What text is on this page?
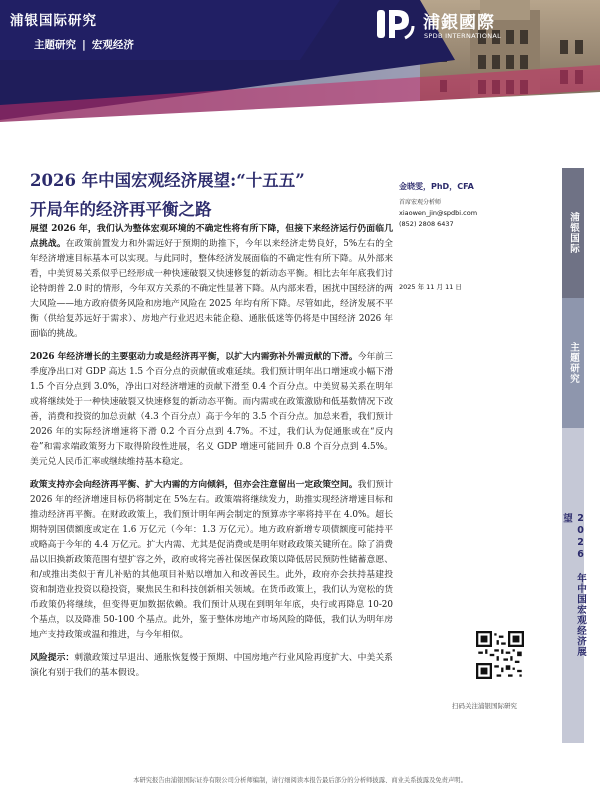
浦银国际研究
主题研究 | 宏观经济
浦銀國際
SPDB INTERNATIONAL
2026 年中国宏观经济展望:“十五五”
开局年的经济再平衡之路
金晓雯，PhD，CFA
首席宏观分析师
xiaowen_jin@spdbi.com
(852) 2808 6437
2025 年 11 月 11 日

展望 2026 年，我们认为整体宏观环境的不确定性将有所下降，但接下来经济运行仍面临几点挑战。在政策前置发力和外需远好于预期的助推下，今年以来经济走势良好，5%左右的全年经济增速目标基本可以实现。与此同时，整体经济发展面临的不确定性有所下降。从外部来看，中美贸易关系似乎已经形成一种快速破裂又快速修复的新动态平衡。相比去年年底我们讨论特朗普 2.0 时的情形，今年双方关系的不确定性显著下降。从内部来看，困扰中国经济的两大风险——地方政府债务风险和房地产风险在 2025 年均有所下降。尽管如此，经济发展不平衡（供给复苏远好于需求）、房地产行业迟迟未能企稳、通胀低迷等仍将是中国经济 2026 年面临的挑战。

2026 年经济增长的主要驱动力或是经济再平衡，以扩大内需弥补外需贡献的下滑。今年前三季度净出口对 GDP 高达 1.5 个百分点的贡献值或难延续。我们预计明年出口增速或小幅下滑 1.5 个百分点到 3.0%，净出口对经济增速的贡献下滑至 0.4 个百分点。中美贸易关系在明年或将继续处于一种快速破裂又快速修复的新动态平衡。而内需或在政策激励和低基数情况下改善，消费和投资的加总贡献（4.3 个百分点）高于今年的 3.5 个百分点。加总来看，我们预计 2026 年的实际经济增速将下滑 0.2 个百分点到 4.7%。不过，我们认为促通胀或在“反内卷”和需求端政策努力下取得阶段性进展，名义 GDP 增速可能回升 0.8 个百分点到 4.5%。美元兑人民币汇率或继续维持基本稳定。

政策支持亦会向经济再平衡、扩大内需的方向倾斜，但亦会注意留出一定政策空间。我们预计 2026 年的经济增速目标仍将制定在 5%左右。政策端将继续发力，助推实现经济增速目标和推动经济再平衡。在财政政策上，我们预计明年两会制定的预算赤字率将持平在 4.0%。超长期特别国债额度或定在 1.6 万亿元（今年：1.3 万亿元）。地方政府新增专项债额度可能持平或略高于今年的 4.4 万亿元。扩大内需、尤其是促消费或是明年财政政策关键所在。除了消费品以旧换新政策范围有望扩容之外，政府或将完善社保医保政策以降低居民预防性储蓄意愿、和/或推出类似于育儿补贴的其他项目补贴以增加入和改善民生。此外，政府亦会扶持基建投资和制造业投资以稳投资，聚焦民生和科技创新相关领域。在货币政策上，我们认为宽松的货币政策仍将继续，但变得更加数据依赖。我们预计从现在到明年年底，央行或再降息 10-20 个基点，以及降准 50-100 个基点。此外，鉴于整体房地产市场风险的降低，我们认为明年房地产支持政策或温和推进，与今年相似。

风险提示：刺激政策过早退出、通胀恢复慢于预期、中国房地产行业风险再度扩大、中美关系演化有别于我们的基本假设。

扫码关注浦银国际研究
浦银国际
主题研究
2026 年中国宏观经济展望
本研究报告由浦银国际证券有限公司分析师编制，请行细阅读本报告最后部分的分析师披露、商业关系披露及免责声明。
